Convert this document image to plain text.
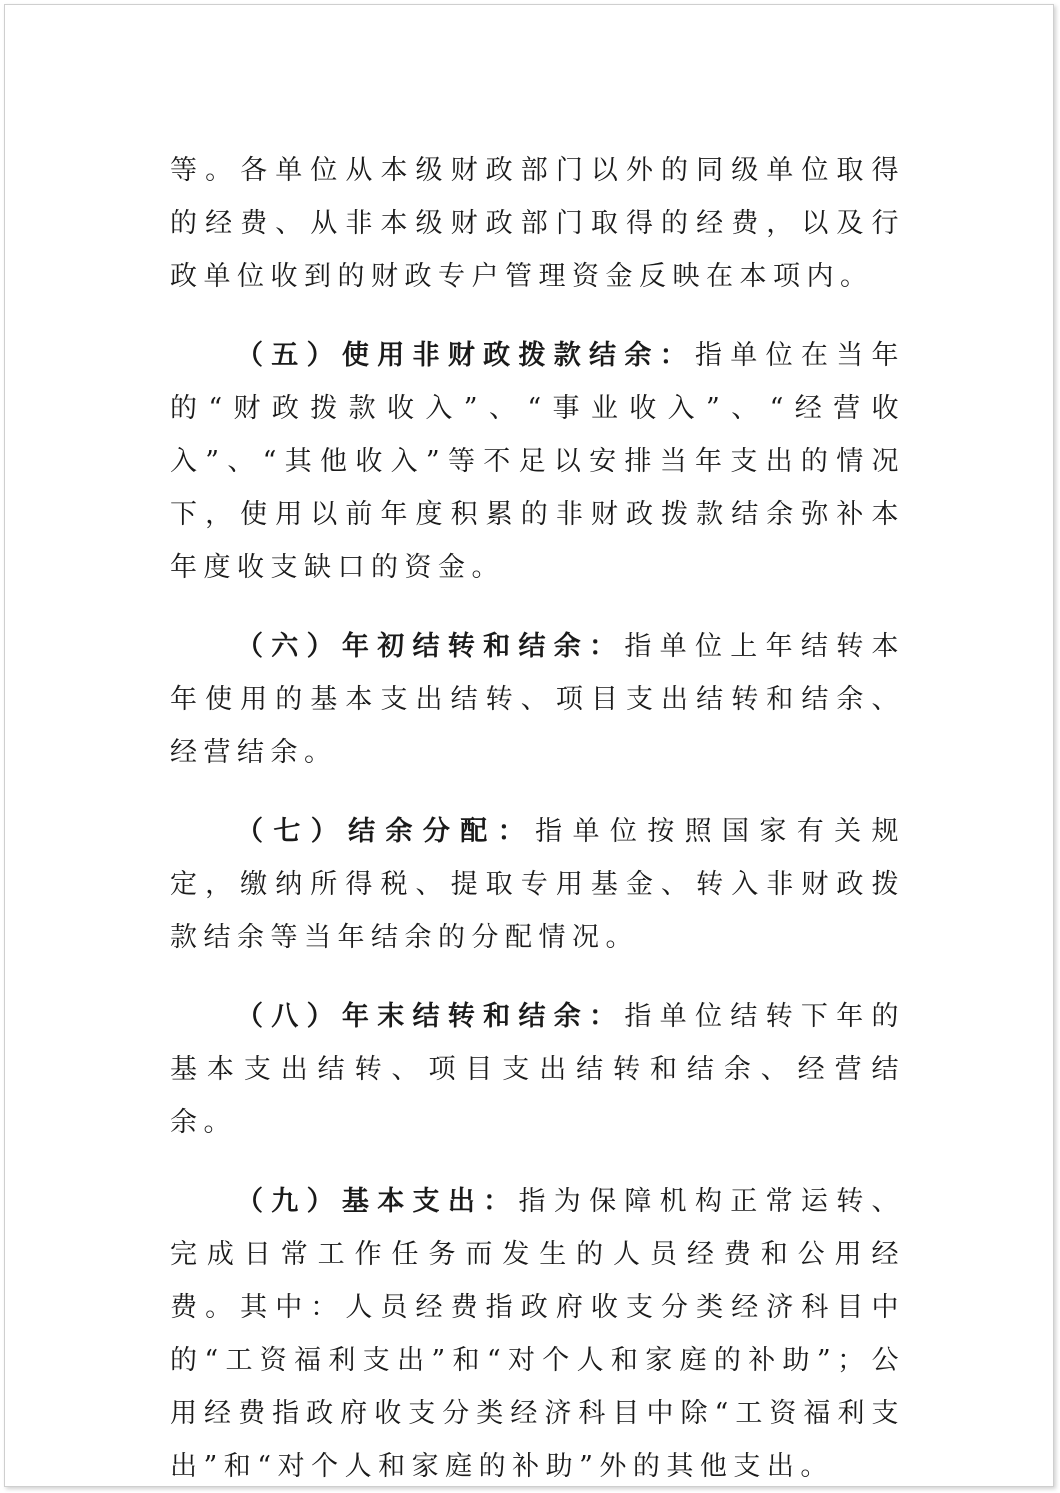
等。各单位从本级财政部门以外的同级单位取得的经费、从非本级财政部门取得的经费，以及行政单位收到的财政专户管理资金反映在本项内。

（五）使用非财政拨款结余：指单位在当年的“财政拨款收入”、“事业收入”、“经营收入”、“其他收入”等不足以安排当年支出的情况下，使用以前年度积累的非财政拨款结余弥补本年度收支缺口的资金。

（六）年初结转和结余：指单位上年结转本年使用的基本支出结转、项目支出结转和结余、经营结余。

（七）结余分配：指单位按照国家有关规定，缴纳所得税、提取专用基金、转入非财政拨款结余等当年结余的分配情况。

（八）年末结转和结余：指单位结转下年的基本支出结转、项目支出结转和结余、经营结余。

（九）基本支出：指为保障机构正常运转、完成日常工作任务而发生的人员经费和公用经费。其中：人员经费指政府收支分类经济科目中的“工资福利支出”和“对个人和家庭的补助”；公用经费指政府收支分类经济科目中除“工资福利支出”和“对个人和家庭的补助”外的其他支出。
